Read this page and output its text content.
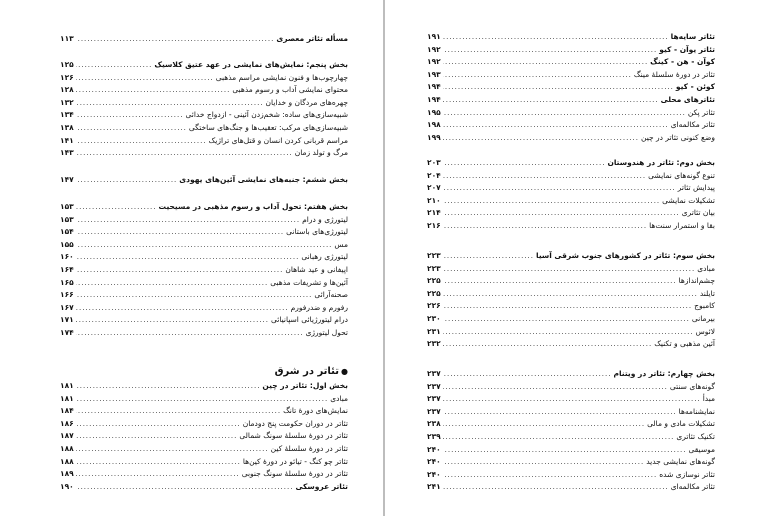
مسأله تئاتر معصری
.....
۱۱۳
بخش پنجم: نمایش‌های نمایشی در عهد عتیق کلاسیک
.....
۱۲۵
چهارچوب‌ها و فنون نمایشی مراسم مذهبی
.....
۱۲۶
محتوای نمایشی آداب و رسوم مذهبی
.....
۱۲۸
چهره‌های مردگان و خدایان
.....
۱۳۲
شبیه‌سازی‌های ساده: شخم‌زدن آئینی - ازدواج خدائی
.....
۱۳۴
شبیه‌سازی‌های مرکب: تعقیب‌ها و جنگ‌های ساختگی
.....
۱۳۸
مراسم قربانی کردن انسان و قتل‌های تراژیک
.....
۱۴۱
مرگ و تولد زمان
.....
۱۴۳
بخش ششم: جنبه‌های نمایشی آئین‌های یهودی
.....
۱۴۷
بخش هفتم: تحول آداب و رسوم مذهبی در مسیحیت
.....
۱۵۳
لیتورژی و درام
.....
۱۵۳
لیتورژی‌های باستانی
.....
۱۵۴
مس
.....
۱۵۵
لیتورژی رهبانی
.....
۱۶۰
اپیفانی و عید شاهان
.....
۱۶۴
آئین‌ها و تشریفات مذهبی
.....
۱۶۵
صحنه‌آرائی
.....
۱۶۶
رفورم و ضدرفورم
.....
۱۶۷
درام لیتورژیائی اسپانیائی
.....
۱۷۱
تحول لیتورژی
.....
۱۷۴
●
تئاتر در شرق
بخش اول: تئاتر در چین
.....
۱۸۱
مبادی
.....
۱۸۱
نمایش‌های دورهٔ تانگ
.....
۱۸۴
تئاتر در دوران حکومت پنج دودمان
.....
۱۸۶
تئاتر در دورهٔ سلسلهٔ سونگ شمالی
.....
۱۸۷
تئاتر در دورهٔ سلسلهٔ کین
.....
۱۸۸
تئاتر چو کنگ - تیائو در دورهٔ کین‌ها
.....
۱۸۸
تئاتر در دورهٔ سلسلهٔ سونگ جنوبی
.....
۱۸۹
تئاتر عروسکی
.....
۱۹۰
تئاتر سایه‌ها
.....
۱۹۱
تئاتر یوآن - کیو
.....
۱۹۲
کوآن - هن - کینگ
.....
۱۹۲
تئاتر در دورهٔ سلسلهٔ مینگ
.....
۱۹۳
کوئن - کیو
.....
۱۹۴
تئاترهای محلی
.....
۱۹۴
تئاتر پکن
.....
۱۹۵
تئاتر مکالمه‌ای
.....
۱۹۸
وضع کنونی تئاتر در چین
.....
۱۹۹
بخش دوم: تئاتر در هندوستان
.....
۲۰۳
تنوع گونه‌های نمایشی
.....
۲۰۴
پیدایش تئاتر
.....
۲۰۷
تشکیلات نمایشی
.....
۲۱۰
بیان تئاتری
.....
۲۱۴
بقا و استمرار سنت‌ها
.....
۲۱۶
بخش سوم: تئاتر در کشورهای جنوب شرقی آسیا
.....
۲۲۳
مبادی
.....
۲۲۳
چشم‌اندازها
.....
۲۲۵
تایلند
.....
۲۲۵
کامبوج
.....
۲۲۶
بیرمانی
.....
۲۳۰
لائوس
.....
۲۳۱
آئین مذهبی و تکنیک
.....
۲۳۲
بخش چهارم: تئاتر در ویتنام
.....
۲۳۷
گونه‌های سنتی
.....
۲۳۷
مبدأ
.....
۲۳۷
نمایشنامه‌ها
.....
۲۳۷
تشکیلات مادی و مالی
.....
۲۳۸
تکنیک تئاتری
.....
۲۳۹
موسیقی
.....
۲۴۰
گونه‌های نمایشی جدید
.....
۲۴۰
تئاتر نوسازی شده
.....
۲۴۰
تئاتر مکالمه‌ای
.....
۲۴۱
